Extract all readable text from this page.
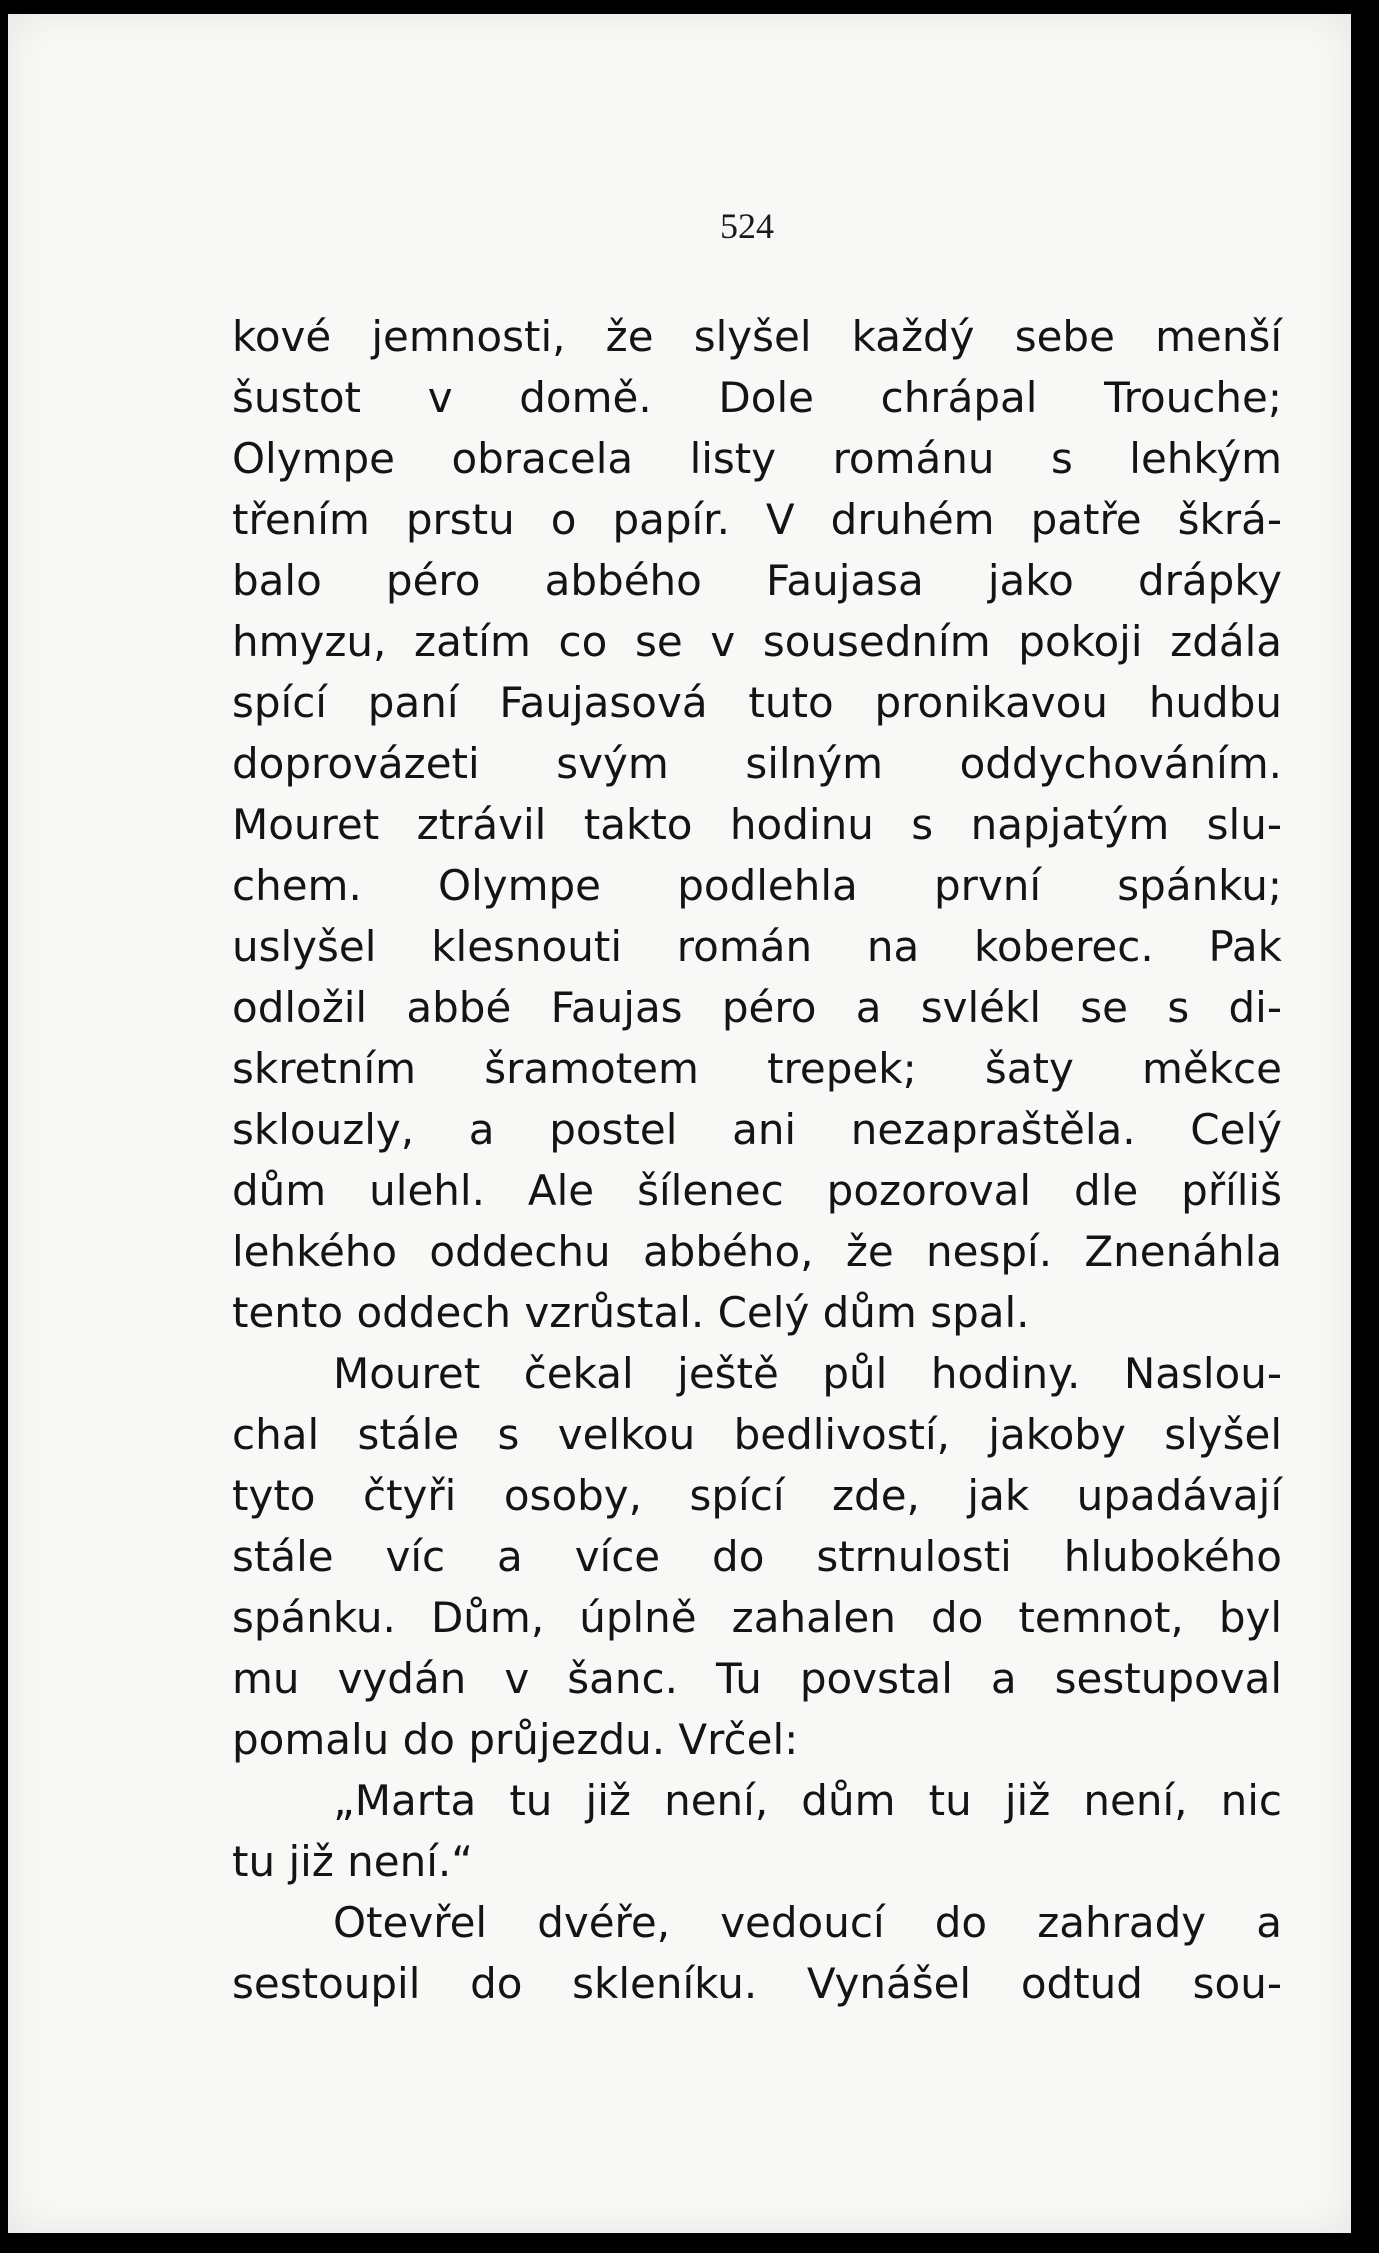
524
kové jemnosti, že slyšel každý sebe menší
šustot v domě. Dole chrápal Trouche;
Olympe obracela listy románu s lehkým
třením prstu o papír. V druhém patře škrá-
balo péro abbého Faujasa jako drápky
hmyzu, zatím co se v sousedním pokoji zdála
spící paní Faujasová tuto pronikavou hudbu
doprovázeti svým silným oddychováním.
Mouret ztrávil takto hodinu s napjatým slu-
chem. Olympe podlehla první spánku;
uslyšel klesnouti román na koberec. Pak
odložil abbé Faujas péro a svlékl se s di-
skretním šramotem trepek; šaty měkce
sklouzly, a postel ani nezapraštěla. Celý
dům ulehl. Ale šílenec pozoroval dle příliš
lehkého oddechu abbého, že nespí. Znenáhla
tento oddech vzrůstal. Celý dům spal.
Mouret čekal ještě půl hodiny. Naslou-
chal stále s velkou bedlivostí, jakoby slyšel
tyto čtyři osoby, spící zde, jak upadávají
stále víc a více do strnulosti hlubokého
spánku. Dům, úplně zahalen do temnot, byl
mu vydán v šanc. Tu povstal a sestupoval
pomalu do průjezdu. Vrčel:
„Marta tu již není, dům tu již není, nic
tu již není.“
Otevřel dvéře, vedoucí do zahrady a
sestoupil do skleníku. Vynášel odtud sou-
